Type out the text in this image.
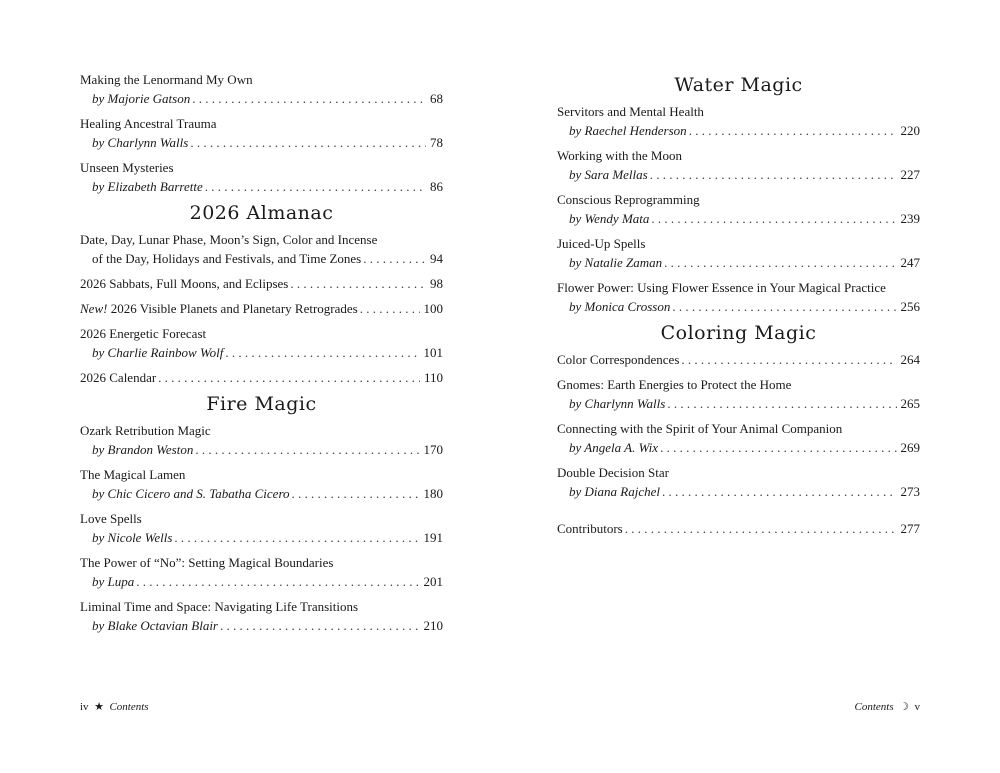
Making the Lenormand My Own
by Majorie Gatson . . .	68
Healing Ancestral Trauma
by Charlynn Walls . . .	78
Unseen Mysteries
by Elizabeth Barrette . . .	86
2026 Almanac
Date, Day, Lunar Phase, Moon’s Sign, Color and Incense
of the Day, Holidays and Festivals, and Time Zones . . .	94
2026 Sabbats, Full Moons, and Eclipses . . .	98
New! 2026 Visible Planets and Planetary Retrogrades . . .	100
2026 Energetic Forecast
by Charlie Rainbow Wolf . . .	101
2026 Calendar . . .	110
Fire Magic
Ozark Retribution Magic
by Brandon Weston . . .	170
The Magical Lamen
by Chic Cicero and S. Tabatha Cicero . . .	180
Love Spells
by Nicole Wells . . .	191
The Power of “No”: Setting Magical Boundaries
by Lupa . . .	201
Liminal Time and Space: Navigating Life Transitions
by Blake Octavian Blair . . .	210
iv ★ Contents
Water Magic
Servitors and Mental Health
by Raechel Henderson . . .	220
Working with the Moon
by Sara Mellas . . .	227
Conscious Reprogramming
by Wendy Mata . . .	239
Juiced-Up Spells
by Natalie Zaman . . .	247
Flower Power: Using Flower Essence in Your Magical Practice
by Monica Crosson . . .	256
Coloring Magic
Color Correspondences . . .	264
Gnomes: Earth Energies to Protect the Home
by Charlynn Walls . . .	265
Connecting with the Spirit of Your Animal Companion
by Angela A. Wix . . .	269
Double Decision Star
by Diana Rajchel . . .	273
Contributors . . .	277
Contents ☽ v
